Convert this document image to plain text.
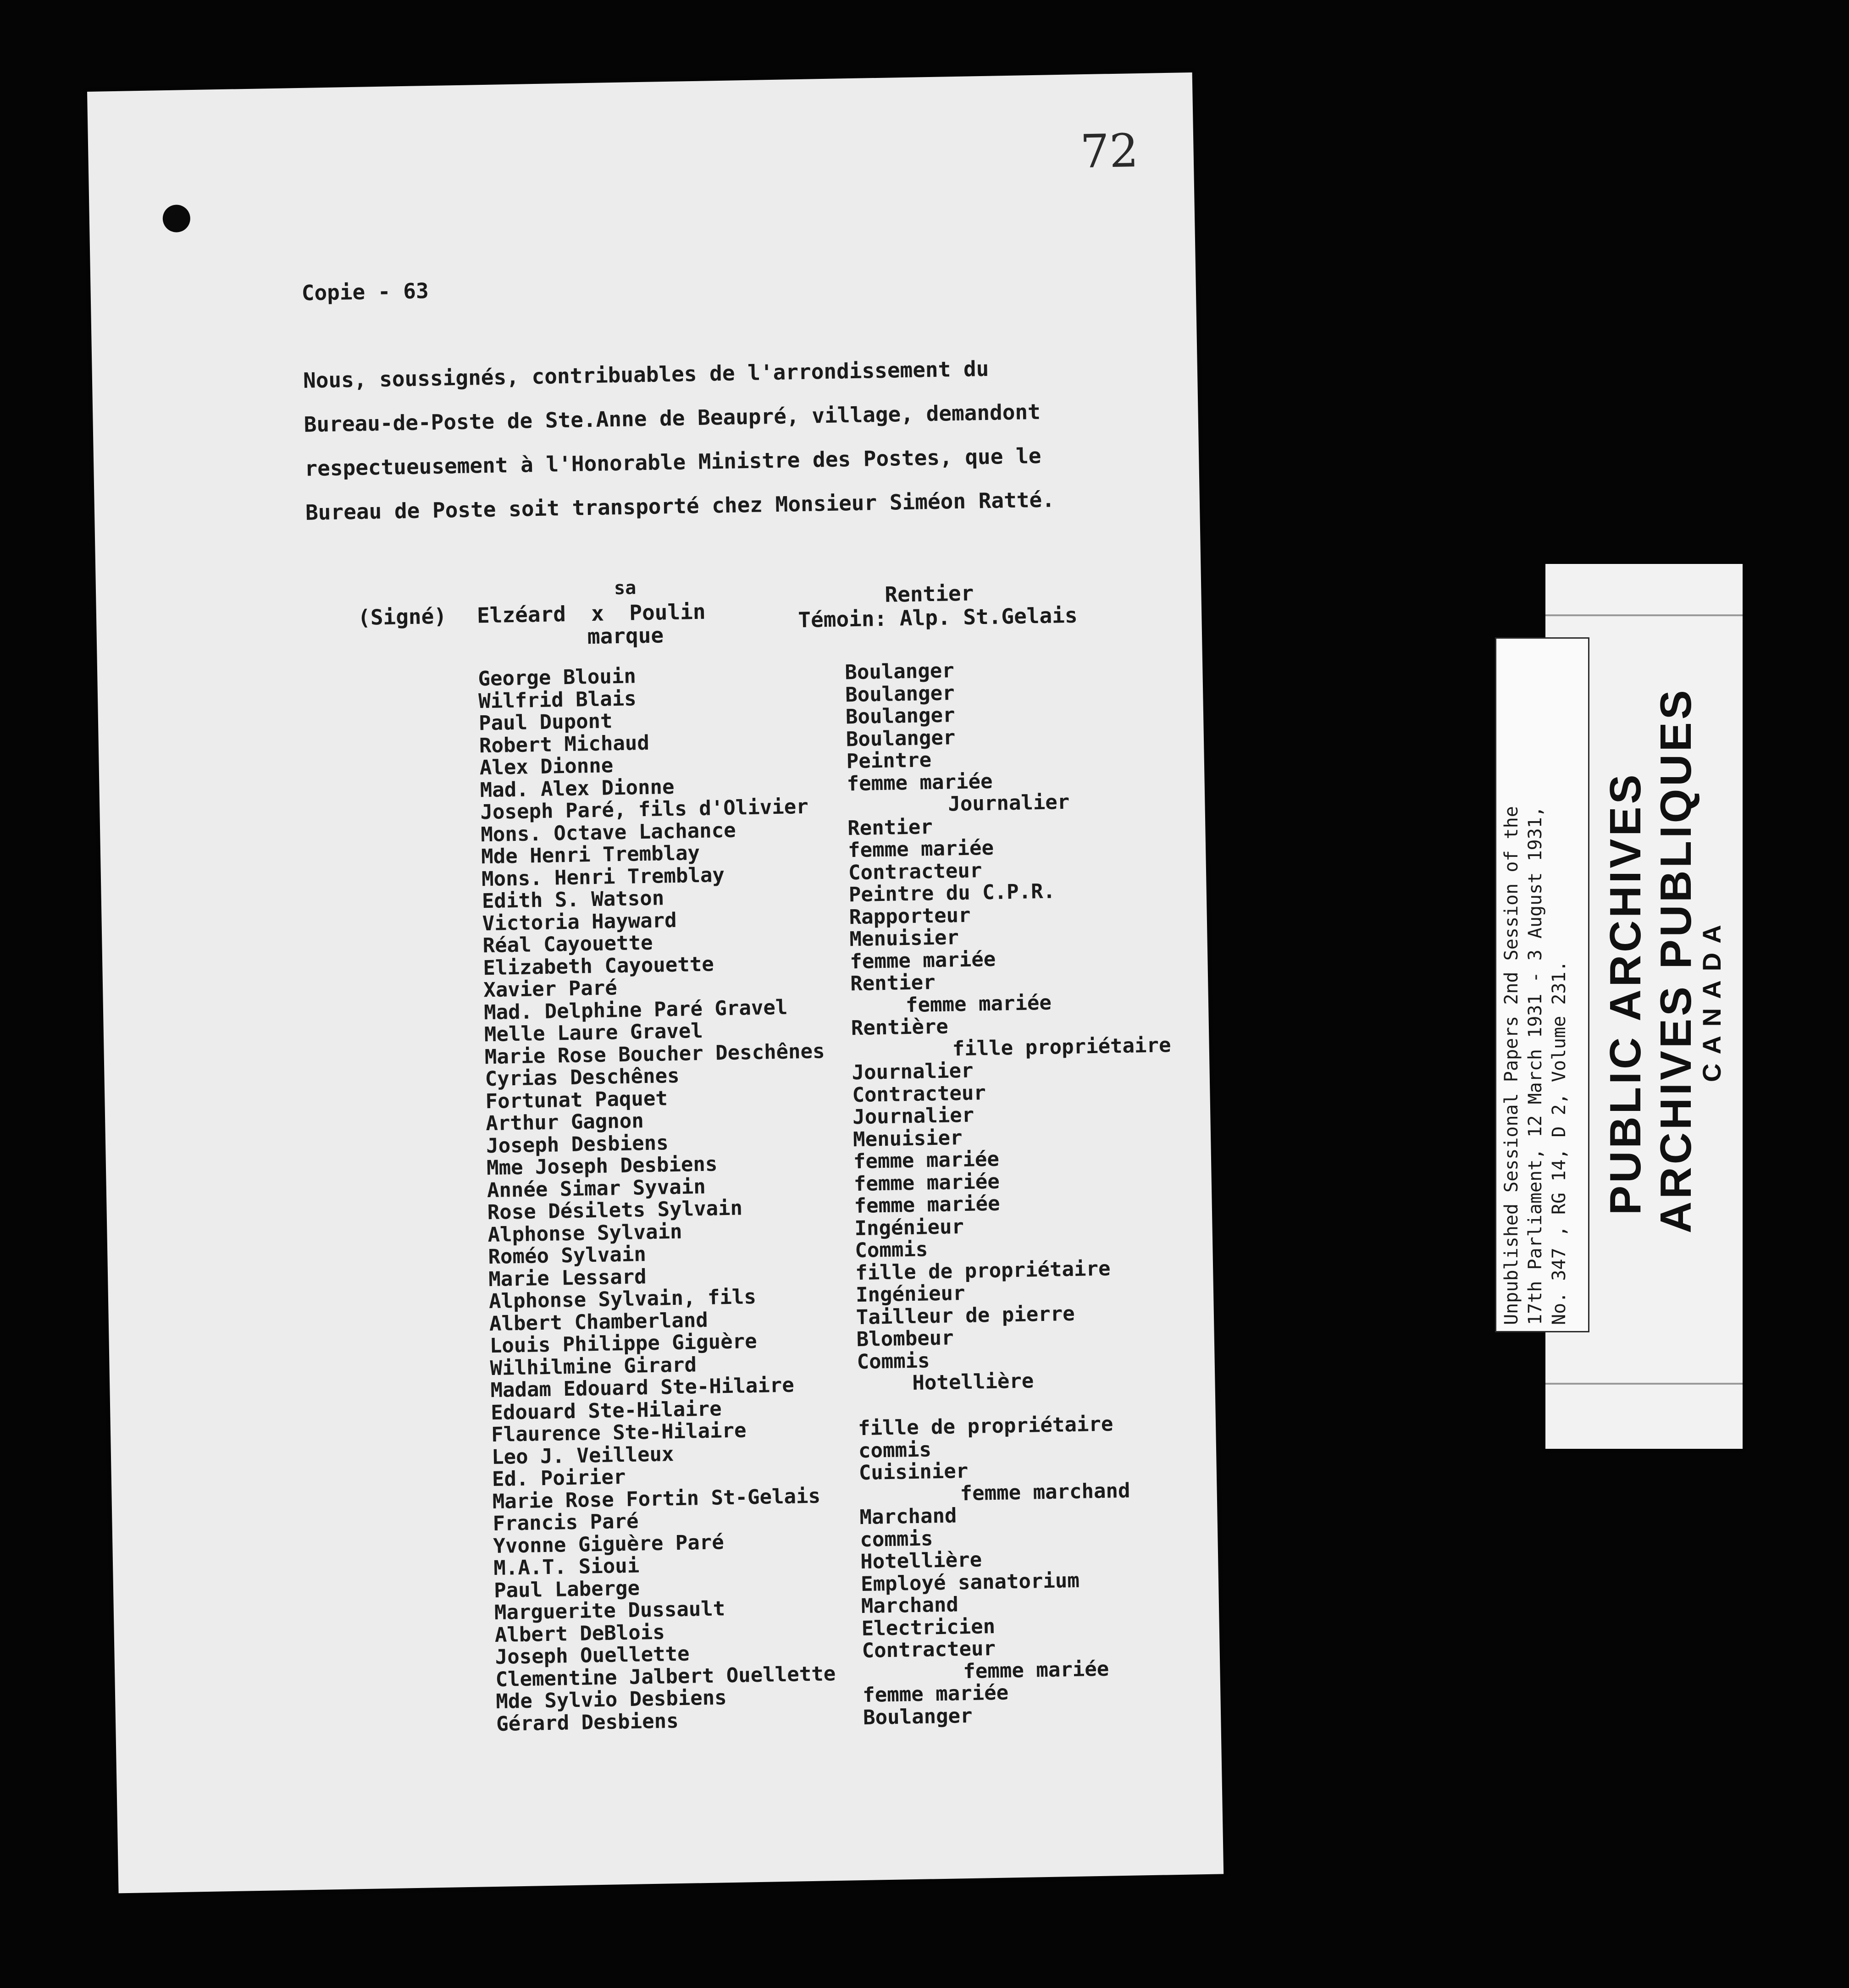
72
Copie - 63
Nous, soussignés, contribuables de l'arrondissement du
Bureau-de-Poste de Ste.Anne de Beaupré, village, demandont
respectueusement à l'Honorable Ministre des Postes, que le
Bureau de Poste soit transporté chez Monsieur Siméon Ratté.
(Signé)
sa
Elzéard  x  Poulin
marque
Rentier
Témoin: Alp. St.Gelais
George Blouin	Boulanger
Wilfrid Blais	Boulanger
Paul Dupont	Boulanger
Robert Michaud	Boulanger
Alex Dionne	Peintre
Mad. Alex Dionne	femme mariée
Joseph Paré, fils d'Olivier	Journalier
Mons. Octave Lachance	Rentier
Mde Henri Tremblay	femme mariée
Mons. Henri Tremblay	Contracteur
Edith S. Watson	Peintre du C.P.R.
Victoria Hayward	Rapporteur
Réal Cayouette	Menuisier
Elizabeth Cayouette	femme mariée
Xavier Paré	Rentier
Mad. Delphine Paré Gravel	femme mariée
Melle Laure Gravel	Rentière
Marie Rose Boucher Deschênes	fille propriétaire
Cyrias Deschênes	Journalier
Fortunat Paquet	Contracteur
Arthur Gagnon	Journalier
Joseph Desbiens	Menuisier
Mme Joseph Desbiens	femme mariée
Année Simar Syvain	femme mariée
Rose Désilets Sylvain	femme mariée
Alphonse Sylvain	Ingénieur
Roméo Sylvain	Commis
Marie Lessard	fille de propriétaire
Alphonse Sylvain, fils	Ingénieur
Albert Chamberland	Tailleur de pierre
Louis Philippe Giguère	Blombeur
Wilhilmine Girard	Commis
Madam Edouard Ste-Hilaire	Hotellière
Edouard Ste-Hilaire
Flaurence Ste-Hilaire	fille de propriétaire
Leo J. Veilleux	commis
Ed. Poirier	Cuisinier
Marie Rose Fortin St-Gelais	femme marchand
Francis Paré	Marchand
Yvonne Giguère Paré	commis
M.A.T. Sioui	Hotellière
Paul Laberge	Employé sanatorium
Marguerite Dussault	Marchand
Albert DeBlois	Electricien
Joseph Ouellette	Contracteur
Clementine Jalbert Ouellette	femme mariée
Mde Sylvio Desbiens	femme mariée
Gérard Desbiens	Boulanger
Unpublished Sessional Papers 2nd Session of the 17th Parliament, 12 March 1931 - 3 August 1931, No. 347 , RG 14, D 2, Volume 231. PUBLIC ARCHIVES ARCHIVES PUBLIQUES
CANADA
